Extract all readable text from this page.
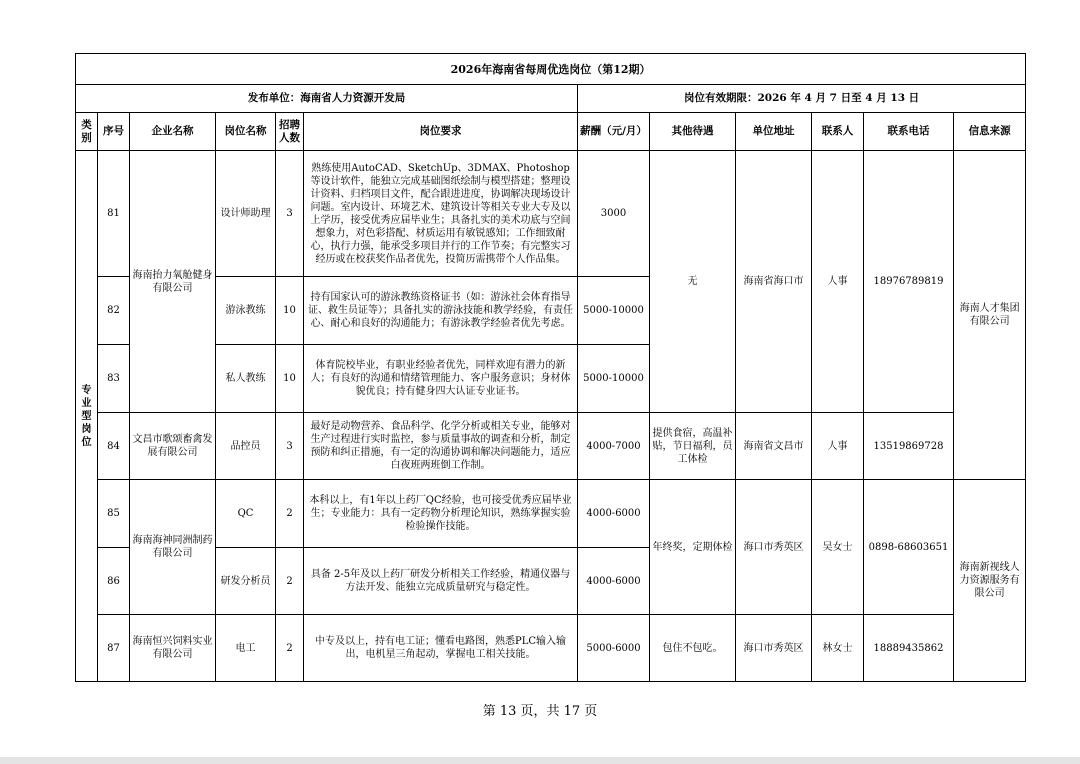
2026年海南省每周优选岗位（第12期）											
发布单位：海南省人力资源开发局						岗位有效期限：2026 年 4 月 7 日至 4 月 13 日					
类别	序号	企业名称	岗位名称	招聘人数	岗位要求	薪酬（元/月）	其他待遇	单位地址	联系人	联系电话	信息来源
专业型岗位	81	海南抬力氧舱健身有限公司	设计师助理	3	熟练使用AutoCAD、SketchUp、3DMAX、Photoshop等设计软件，能独立完成基础图纸绘制与模型搭建；整理设计资料、归档项目文件，配合跟进进度，协调解决现场设计问题。室内设计、环境艺术、建筑设计等相关专业大专及以上学历，接受优秀应届毕业生；具备扎实的美术功底与空间想象力，对色彩搭配、材质运用有敏锐感知；工作细致耐心，执行力强，能承受多项目并行的工作节奏；有完整实习经历或在校获奖作品者优先，投简历需携带个人作品集。	3000	无	海南省海口市	人事	18976789819	海南人才集团有限公司
	82		游泳教练	10	持有国家认可的游泳教练资格证书（如：游泳社会体育指导证、救生员证等）；具备扎实的游泳技能和教学经验，有责任心、耐心和良好的沟通能力；有游泳教学经验者优先考虑。	5000-10000					
	83		私人教练	10	体育院校毕业，有职业经验者优先，同样欢迎有潜力的新人；有良好的沟通和情绪管理能力、客户服务意识；身材体貌优良；持有健身四大认证专业证书。	5000-10000					
	84	文昌市歌颂畜禽发展有限公司	品控员	3	最好是动物营养、食品科学、化学分析或相关专业，能够对生产过程进行实时监控，参与质量事故的调查和分析，制定预防和纠正措施，有一定的沟通协调和解决问题能力，适应白夜班两班倒工作制。	4000-7000	提供食宿，高温补贴，节日福利，员工体检	海南省文昌市	人事	13519869728	
	85	海南海神同洲制药有限公司	QC	2	本科以上，有1年以上药厂QC经验，也可接受优秀应届毕业生；专业能力：具有一定药物分析理论知识，熟练掌握实验检验操作技能。	4000-6000	年终奖，定期体检	海口市秀英区	吴女士	0898-68603651	海南新视线人力资源服务有限公司
	86		研发分析员	2	具备 2-5年及以上药厂研发分析相关工作经验，精通仪器与方法开发、能独立完成质量研究与稳定性。	4000-6000					
	87	海南恒兴饲料实业有限公司	电工	2	中专及以上，持有电工证；懂看电路图，熟悉PLC输入输出，电机星三角起动，掌握电工相关技能。	5000-6000	包住不包吃。	海口市秀英区	林女士	18889435862	
第 13 页，共 17 页
